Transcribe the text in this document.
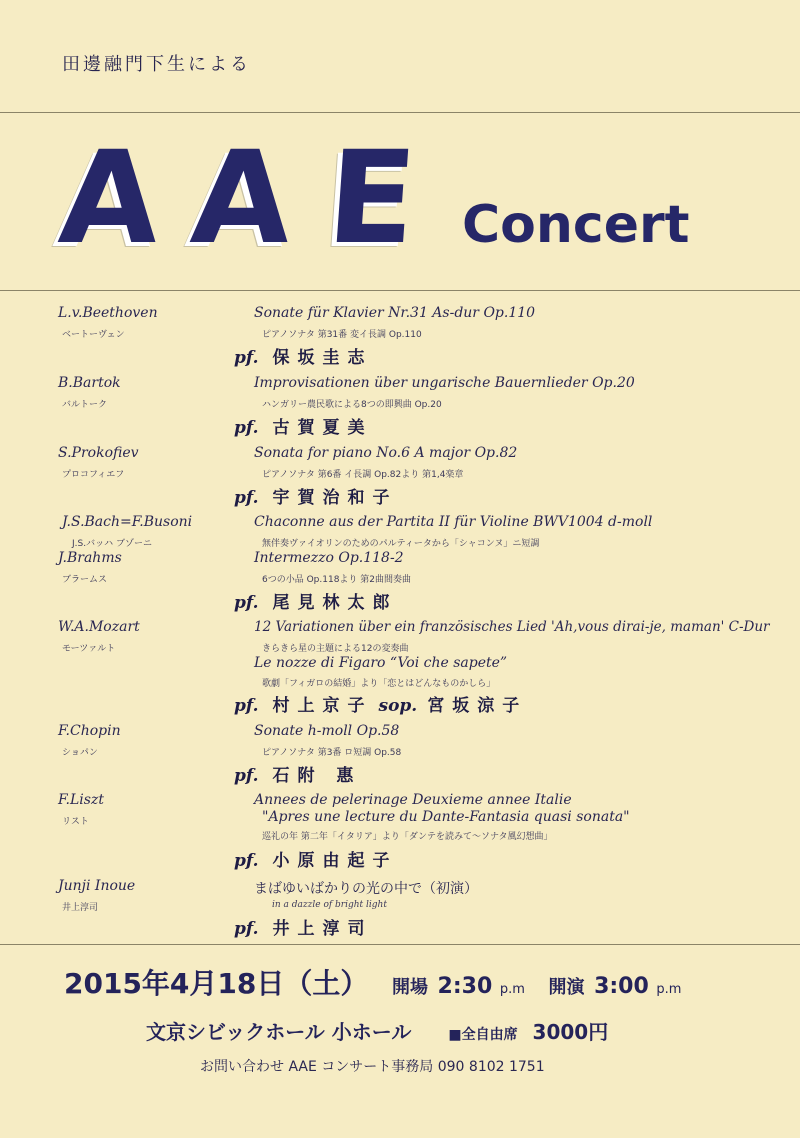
田邊融門下生による
A A E Concert
L.v.Beethoven
ベートーヴェン
Sonate für Klavier Nr.31 As-dur Op.110
ピアノソナタ 第31番 変イ長調 Op.110
pf. 保坂圭志
B.Bartok
バルトーク
Improvisationen über ungarische Bauernlieder Op.20
ハンガリー農民歌による8つの即興曲 Op.20
pf. 古賀夏美
S.Prokofiev
プロコフィエフ
Sonata for piano No.6 A major Op.82
ピアノソナタ 第6番 イ長調 Op.82より 第1,4楽章
pf. 宇賀治和子
J.S.Bach=F.Busoni
J.S.バッハ ブゾーニ
Chaconne aus der Partita II für Violine BWV1004 d-moll
無伴奏ヴァイオリンのためのパルティータから「シャコンヌ」ニ短調
J.Brahms
ブラームス
Intermezzo Op.118-2
6つの小品 Op.118より 第2曲間奏曲
pf. 尾見林太郎
W.A.Mozart
モーツァルト
12 Variationen über ein französisches Lied 'Ah,vous dirai-je, maman' C-Dur
きらきら星の主題による12の変奏曲
Le nozze di Figaro “Voi che sapete”
歌劇「フィガロの結婚」より「恋とはどんなものかしら」
pf. 村上京子 sop. 宮坂涼子
F.Chopin
ショパン
Sonate h-moll Op.58
ピアノソナタ 第3番 ロ短調 Op.58
pf. 石附 惠
F.Liszt
リスト
Annees de pelerinage Deuxieme annee Italie
"Apres une lecture du Dante-Fantasia quasi sonata"
巡礼の年 第二年「イタリア」より「ダンテを読みて〜ソナタ風幻想曲」
pf. 小原由起子
Junji Inoue
井上淳司
まばゆいばかりの光の中で（初演）
in a dazzle of bright light
pf. 井上淳司
2015年4月18日（土） 開場 2:30 p.m 開演 3:00 p.m
文京シビックホール 小ホール	■全自由席 3000円
お問い合わせ AAE コンサート事務局 090 8102 1751
